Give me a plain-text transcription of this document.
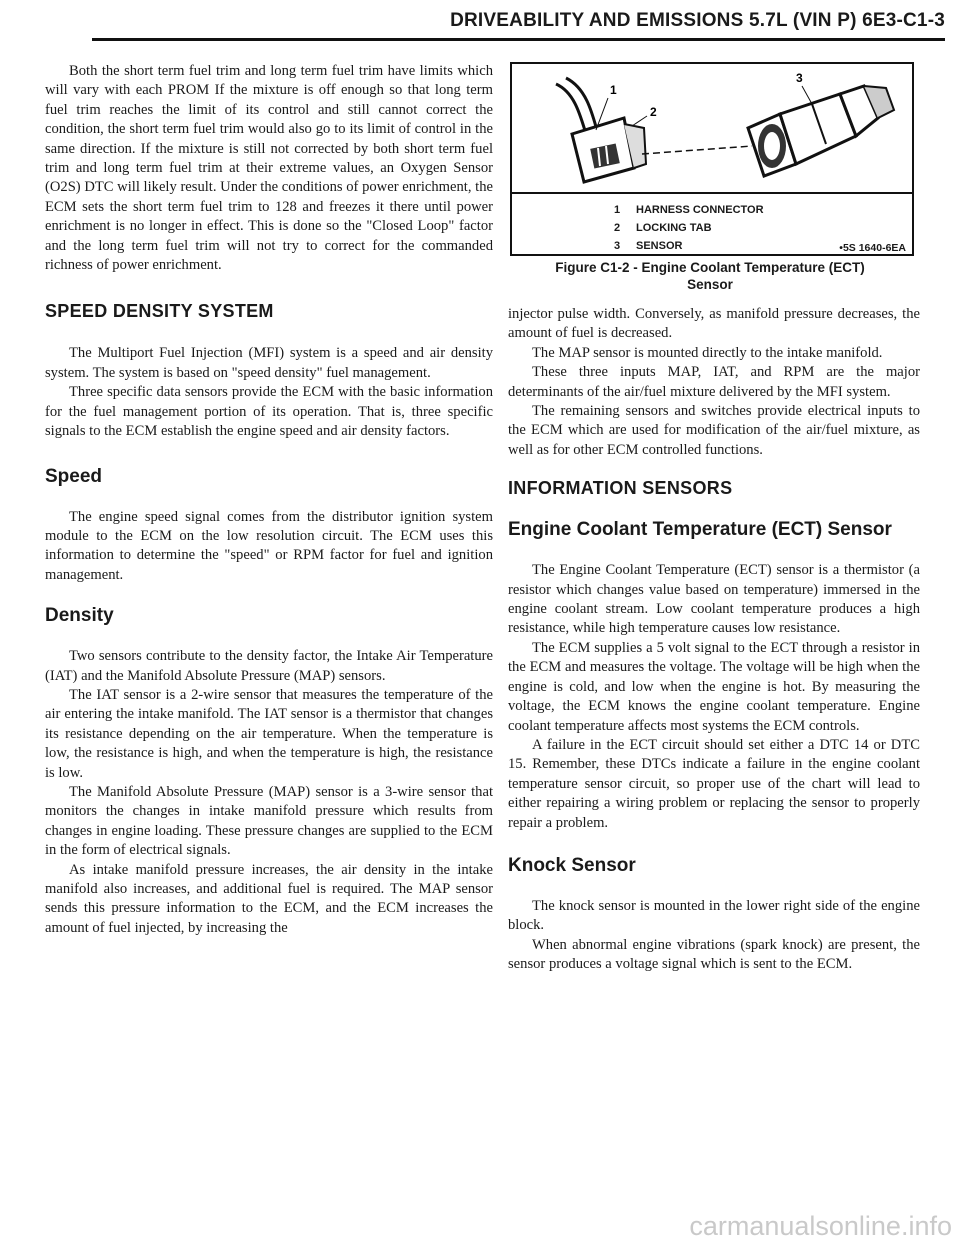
DRIVEABILITY AND EMISSIONS 5.7L (VIN P) 6E3-C1-3

Both the short term fuel trim and long term fuel trim have limits which will vary with each PROM If the mixture is off enough so that long term fuel trim reaches the limit of its control and still cannot correct the condition, the short term fuel trim would also go to its limit of control in the same direction. If the mixture is still not corrected by both short term fuel trim and long term fuel trim at their extreme values, an Oxygen Sensor (O2S) DTC will likely result. Under the conditions of power enrichment, the ECM sets the short term fuel trim to 128 and freezes it there until power enrichment is no longer in effect. This is done so the "Closed Loop" factor and the long term fuel trim will not try to correct for the commanded richness of power enrichment.

SPEED DENSITY SYSTEM

The Multiport Fuel Injection (MFI) system is a speed and air density system. The system is based on "speed density" fuel management.

Three specific data sensors provide the ECM with the basic information for the fuel management portion of its operation. That is, three specific signals to the ECM establish the engine speed and air density factors.

Speed

The engine speed signal comes from the distributor ignition system module to the ECM on the low resolution circuit. The ECM uses this information to determine the "speed" or RPM factor for fuel and ignition management.

Density

Two sensors contribute to the density factor, the Intake Air Temperature (IAT) and the Manifold Absolute Pressure (MAP) sensors.

The IAT sensor is a 2-wire sensor that measures the temperature of the air entering the intake manifold. The IAT sensor is a thermistor that changes its resistance depending on the air temperature. When the temperature is low, the resistance is high, and when the temperature is high, the resistance is low.

The Manifold Absolute Pressure (MAP) sensor is a 3-wire sensor that monitors the changes in intake manifold pressure which results from changes in engine loading. These pressure changes are supplied to the ECM in the form of electrical signals.

As intake manifold pressure increases, the air density in the intake manifold also increases, and additional fuel is required. The MAP sensor sends this pressure information to the ECM, and the ECM increases the amount of fuel injected, by increasing the

1
2
3
1 HARNESS CONNECTOR
2 LOCKING TAB
3 SENSOR	•5S 1640-6EA
Figure C1-2 - Engine Coolant Temperature (ECT)
Sensor

injector pulse width. Conversely, as manifold pressure decreases, the amount of fuel is decreased.

The MAP sensor is mounted directly to the intake manifold.

These three inputs MAP, IAT, and RPM are the major determinants of the air/fuel mixture delivered by the MFI system.

The remaining sensors and switches provide electrical inputs to the ECM which are used for modification of the air/fuel mixture, as well as for other ECM controlled functions.

INFORMATION SENSORS
Engine Coolant Temperature (ECT) Sensor

The Engine Coolant Temperature (ECT) sensor is a thermistor (a resistor which changes value based on temperature) immersed in the engine coolant stream. Low coolant temperature produces a high resistance, while high temperature causes low resistance.

The ECM supplies a 5 volt signal to the ECT through a resistor in the ECM and measures the voltage. The voltage will be high when the engine is cold, and low when the engine is hot. By measuring the voltage, the ECM knows the engine coolant temperature. Engine coolant temperature affects most systems the ECM controls.

A failure in the ECT circuit should set either a DTC 14 or DTC 15. Remember, these DTCs indicate a failure in the engine coolant temperature sensor circuit, so proper use of the chart will lead to either repairing a wiring problem or replacing the sensor to properly repair a problem.

Knock Sensor

The knock sensor is mounted in the lower right side of the engine block.

When abnormal engine vibrations (spark knock) are present, the sensor produces a voltage signal which is sent to the ECM.

carmanualsonline.info
